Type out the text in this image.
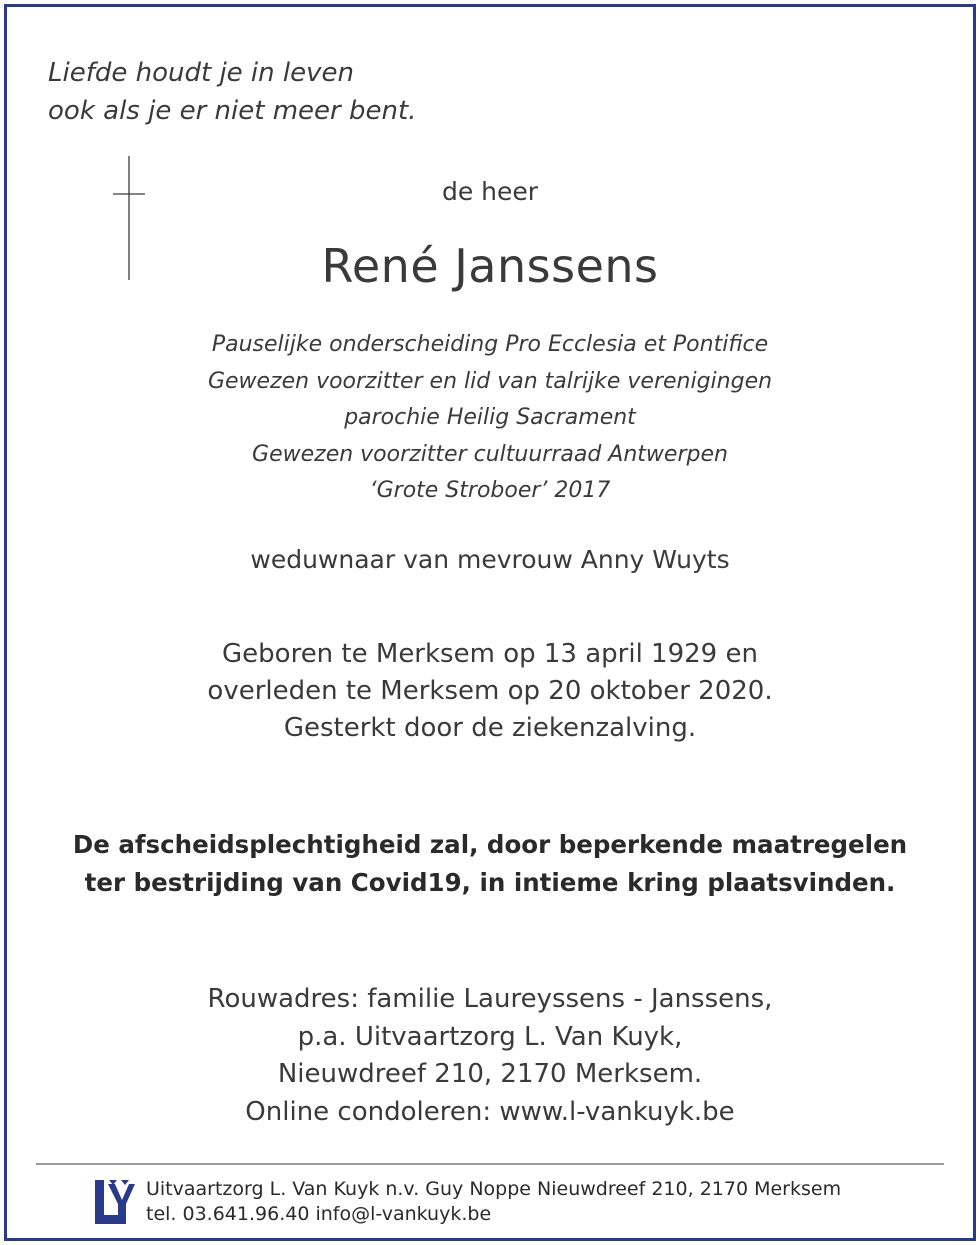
Liefde houdt je in leven
ook als je er niet meer bent.
de heer
René Janssens
Pauselijke onderscheiding Pro Ecclesia et Pontifice
Gewezen voorzitter en lid van talrijke verenigingen
parochie Heilig Sacrament
Gewezen voorzitter cultuurraad Antwerpen
‘Grote Stroboer’ 2017
weduwnaar van mevrouw Anny Wuyts
Geboren te Merksem op 13 april 1929 en
overleden te Merksem op 20 oktober 2020.
Gesterkt door de ziekenzalving.
De afscheidsplechtigheid zal, door beperkende maatregelen
ter bestrijding van Covid19, in intieme kring plaatsvinden.
Rouwadres: familie Laureyssens - Janssens,
p.a. Uitvaartzorg L. Van Kuyk,
Nieuwdreef 210, 2170 Merksem.
Online condoleren: www.l-vankuyk.be
Uitvaartzorg L. Van Kuyk n.v. Guy Noppe Nieuwdreef 210, 2170 Merksem
tel. 03.641.96.40 info@l-vankuyk.be
